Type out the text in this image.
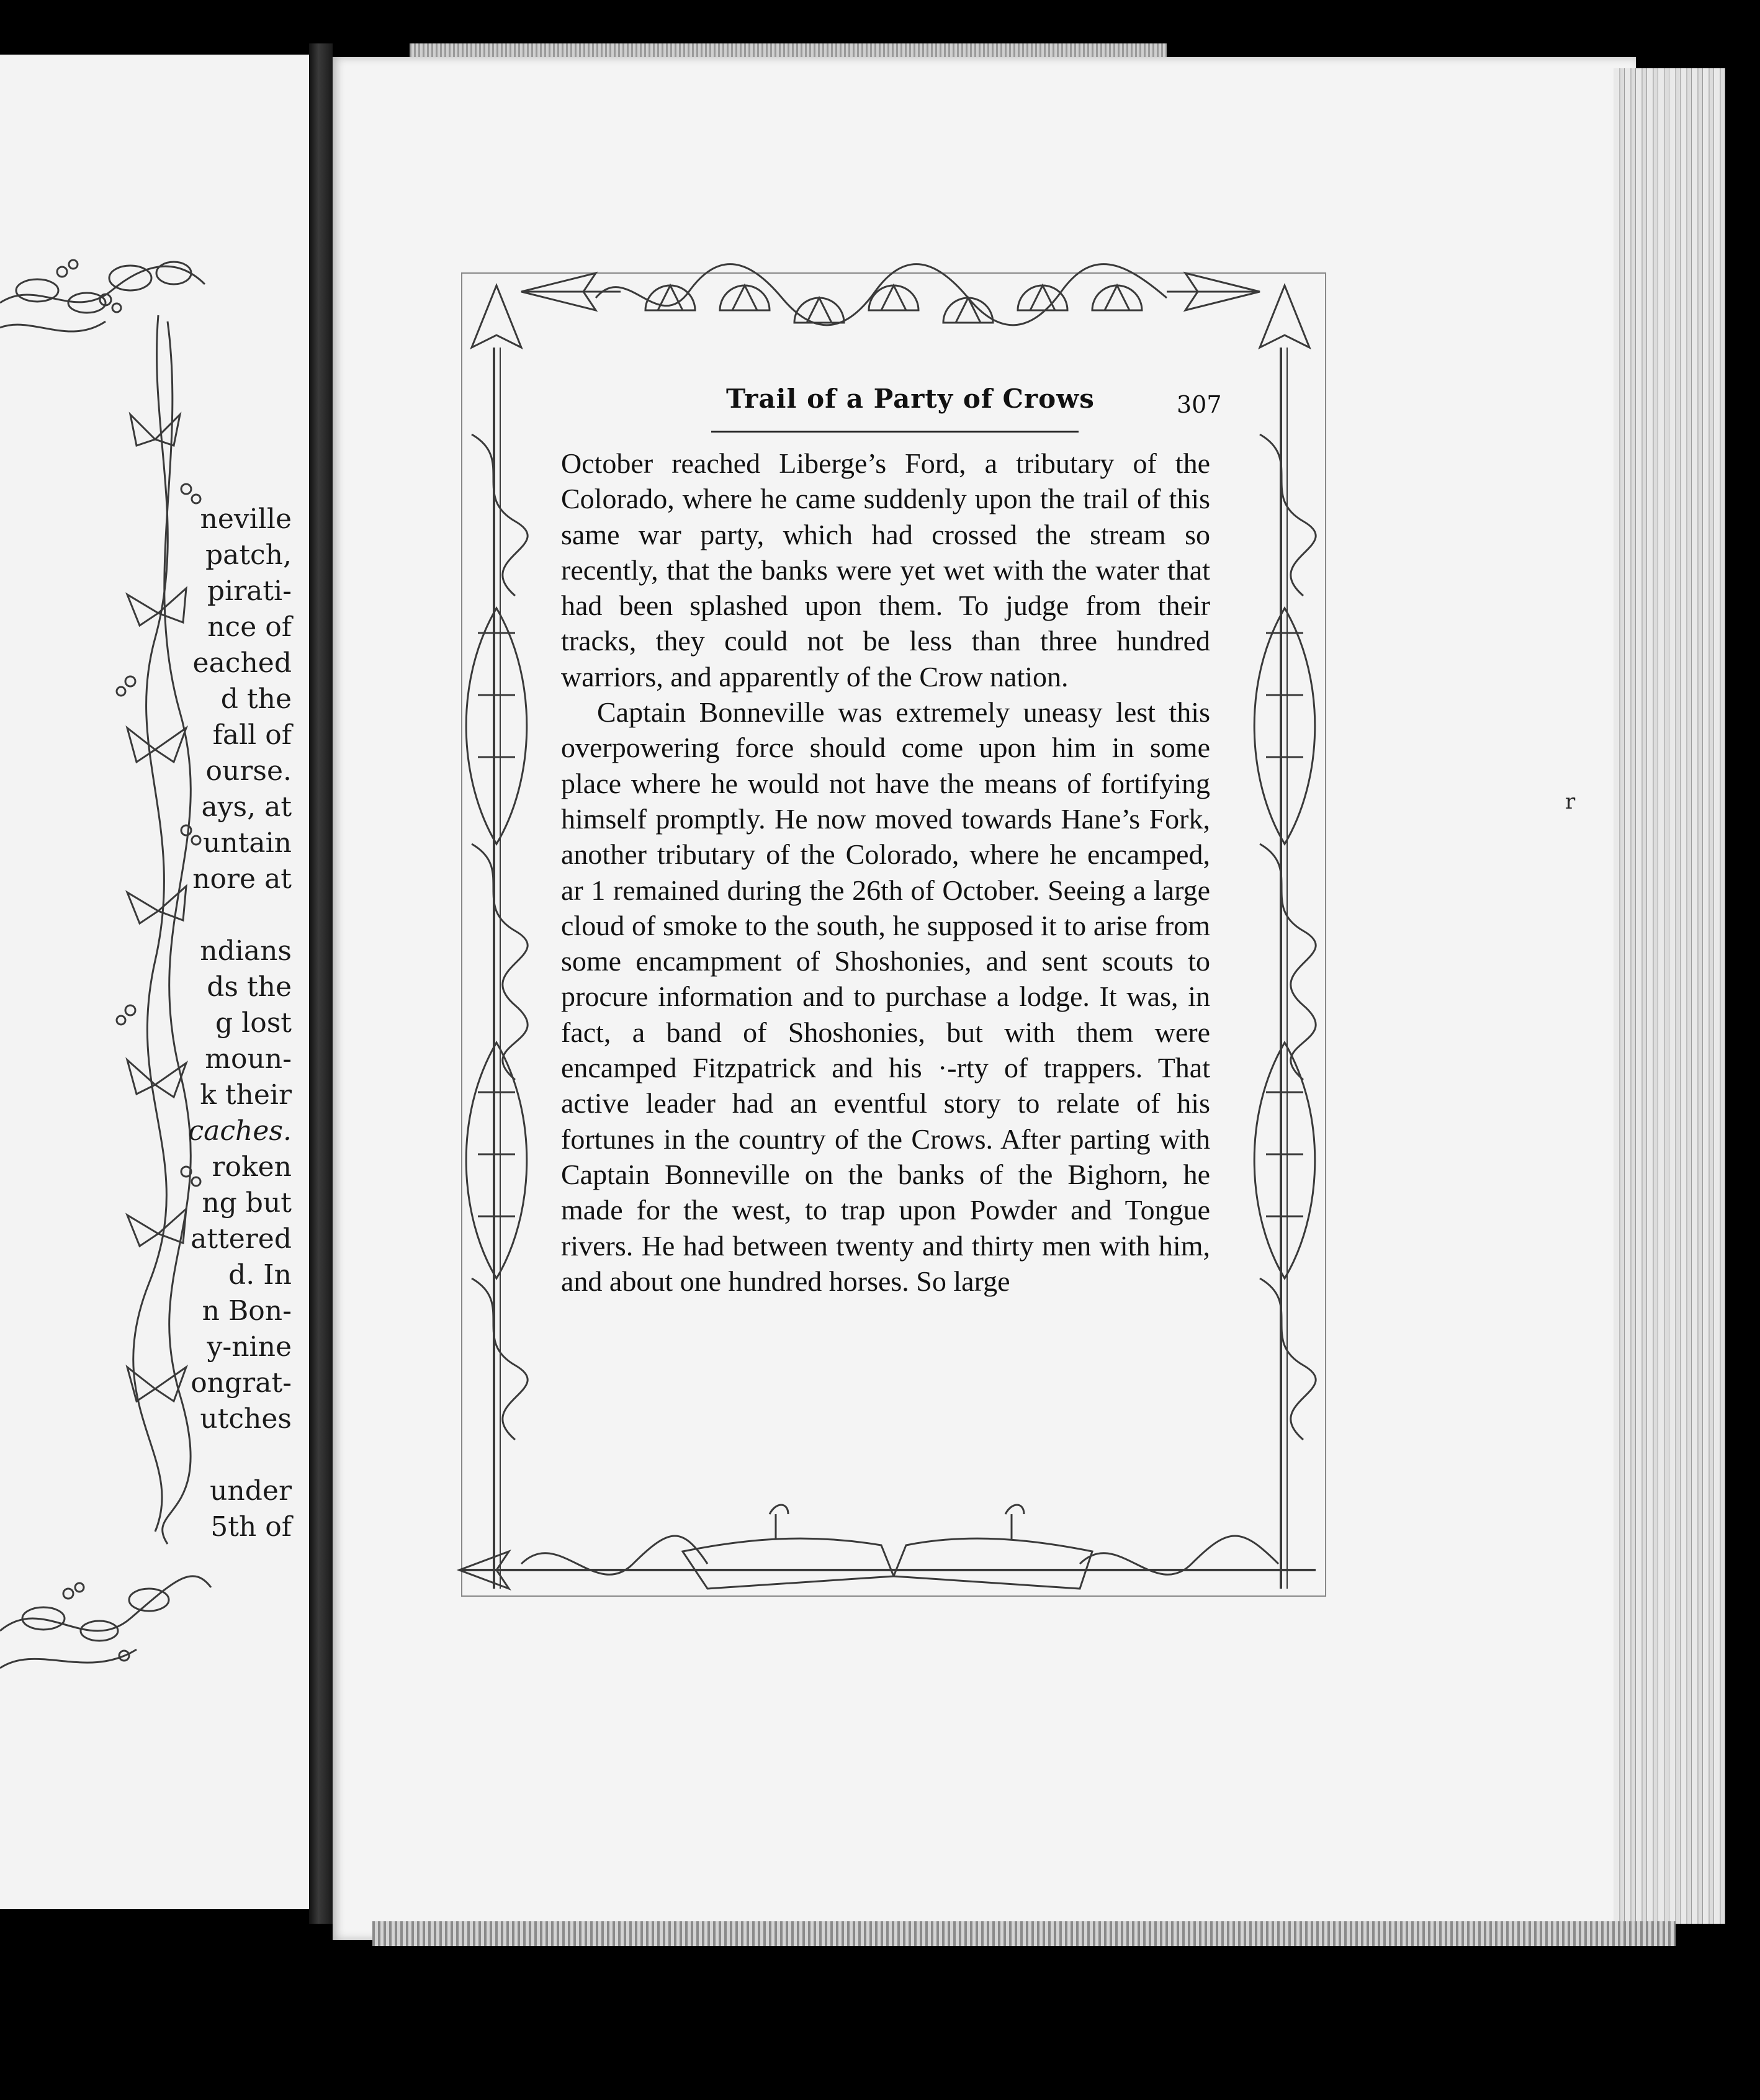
neville
patch,
pirati-
nce of
eached
d the
fall of
ourse.
ays, at
untain
nore at
ndians
ds the
g lost
moun-
k their
caches.
roken
ng but
attered
d. In
n Bon-
y-nine
ongrat-
utches
under
5th of
Trail of a Party of Crows	307

October reached Liberge’s Ford, a tributary of the Colorado, where he came suddenly upon the trail of this same war party, which had crossed the stream so recently, that the banks were yet wet with the water that had been splashed upon them. To judge from their tracks, they could not be less than three hundred warriors, and apparently of the Crow nation.

Captain Bonneville was extremely uneasy lest this overpowering force should come upon him in some place where he would not have the means of fortifying himself promptly. He now moved towards Hane’s Fork, another tributary of the Colorado, where he encamped, ar 1 remained during the 26th of October. Seeing a large cloud of smoke to the south, he supposed it to arise from some encampment of Shoshonies, and sent scouts to procure information and to purchase a lodge. It was, in fact, a band of Shoshonies, but with them were encamped Fitzpatrick and his ·-rty of trappers. That active leader had an eventful story to relate of his fortunes in the country of the Crows. After parting with Captain Bonneville on the banks of the Bighorn, he made for the west, to trap upon Powder and Tongue rivers. He had between twenty and thirty men with him, and about one hundred horses. So large

r
